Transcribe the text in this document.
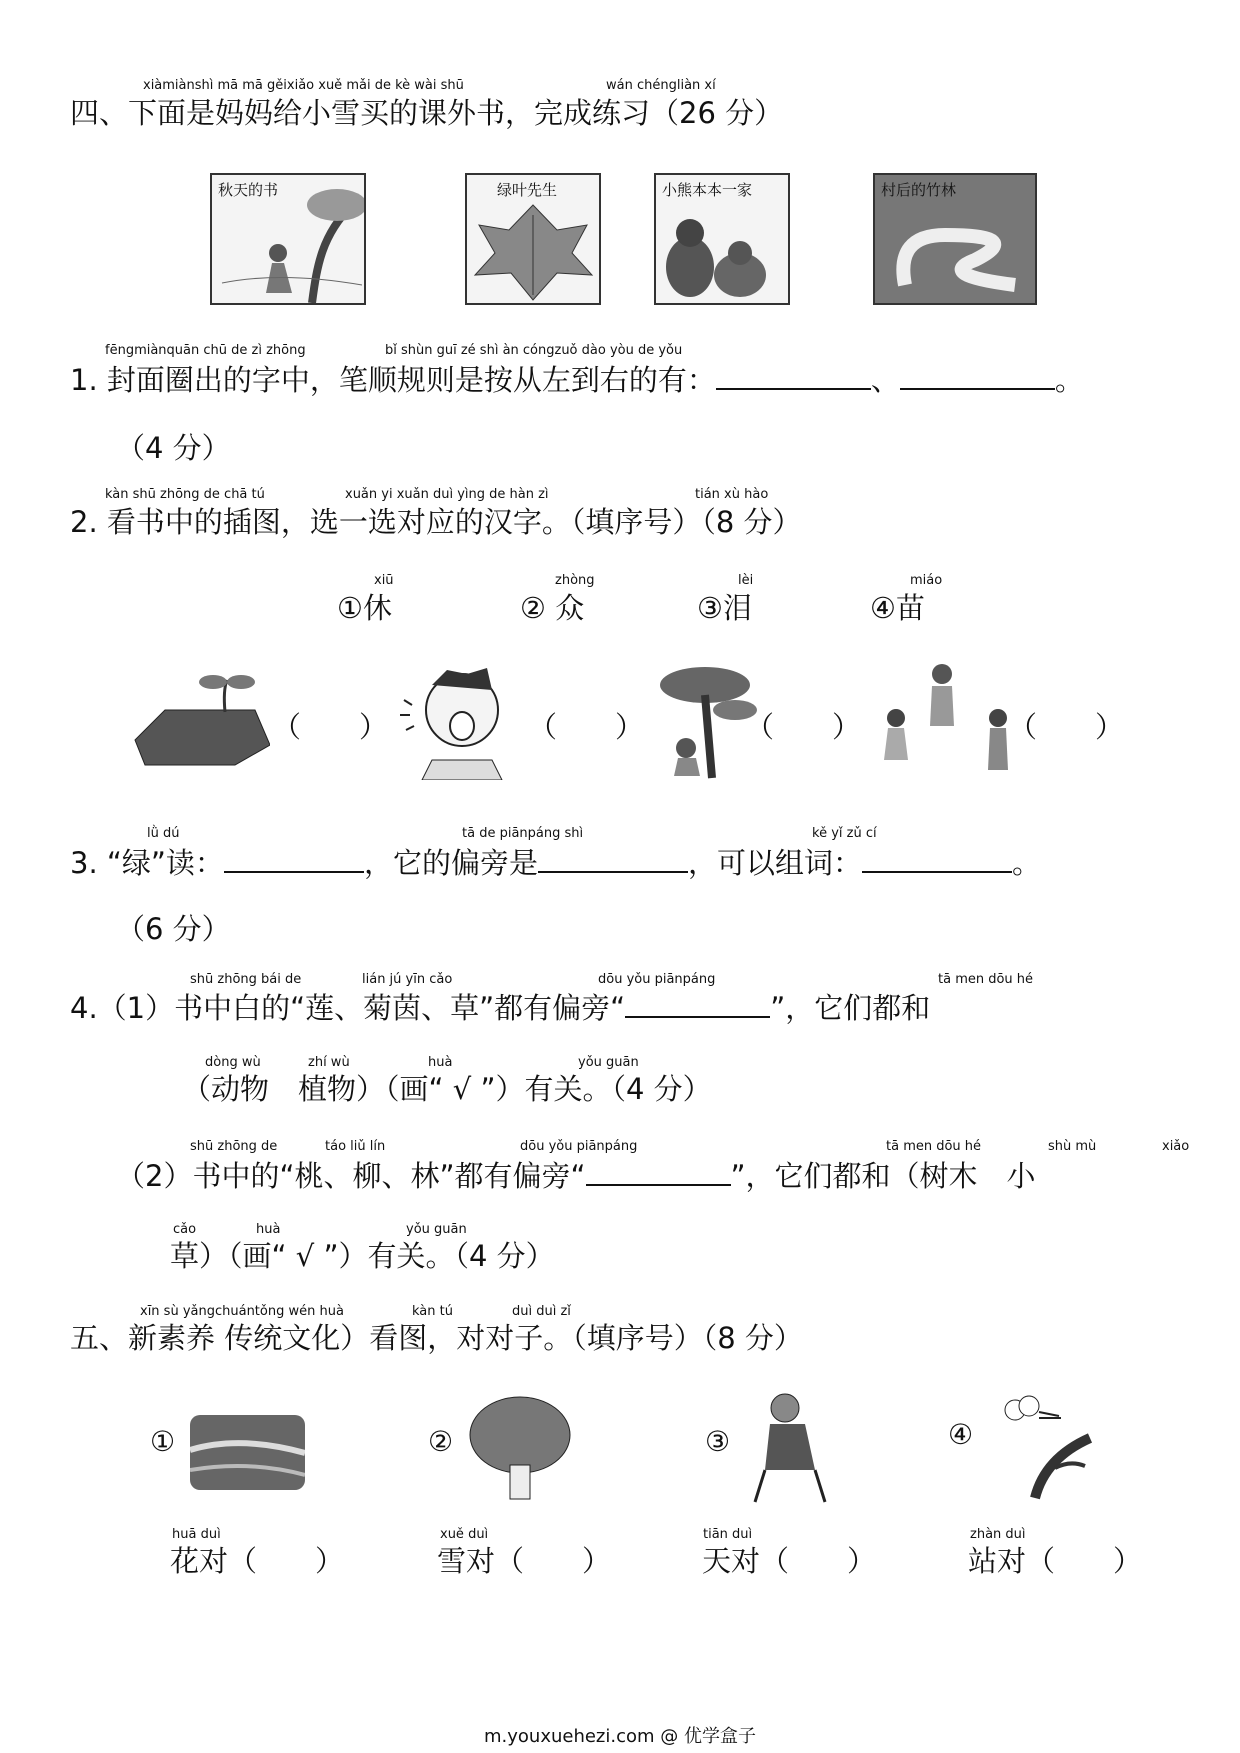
xiàmiànshì mā mā gěixiǎo xuě mǎi de kè wài shū	wán chéngliàn xí
四、下面是妈妈给小雪买的课外书，完成练习（26 分）
秋天的书	绿叶先生	小熊本本一家	村后的竹林
fēngmiànquān chū de zì zhōng	bǐ shùn guī zé shì àn cóngzuǒ dào yòu de yǒu
1. 封面圈出的字中，笔顺规则是按从左到右的有：	、	。
（4 分）
kàn shū zhōng de chā tú	xuǎn yi xuǎn duì yìng de hàn zì	tián xù hào
2. 看书中的插图，选一选对应的汉字。（填序号）（8 分）
xiū
①休
zhòng
② 众
lèi
③泪
miáo
④苗
（　　）	（　　）	（　　）	（　　）
lǜ dú	tā de piānpáng shì	kě yǐ zǔ cí
3. “绿”读：	，它的偏旁是	，可以组词：	。
（6 分）
shū zhōng bái de	lián jú yīn cǎo	dōu yǒu piānpáng	tā men dōu hé
4.（1）书中白的“莲、菊茵、草”都有偏旁“	”，它们都和
dòng wù	zhí wù	huà	yǒu guān
（动物　植物）（画“ √ ”）有关。（4 分）
shū zhōng de	táo liǔ lín	dōu yǒu piānpáng	tā men dōu hé	shù mù	xiǎo
（2）书中的“桃、柳、林”都有偏旁“	”，它们都和（树木　小
cǎo	huà	yǒu guān
草）（画“ √ ”）有关。（4 分）
xīn sù yǎngchuántǒng wén huà	kàn tú	duì duì zǐ
五、新素养 传统文化）看图，对对子。（填序号）（8 分）
①	②	③	④
huā duì
花对（　　）
xuě duì
雪对（　　）
tiān duì
天对（　　）
zhàn duì
站对（　　）
m.youxuehezi.com @ 优学盒子
